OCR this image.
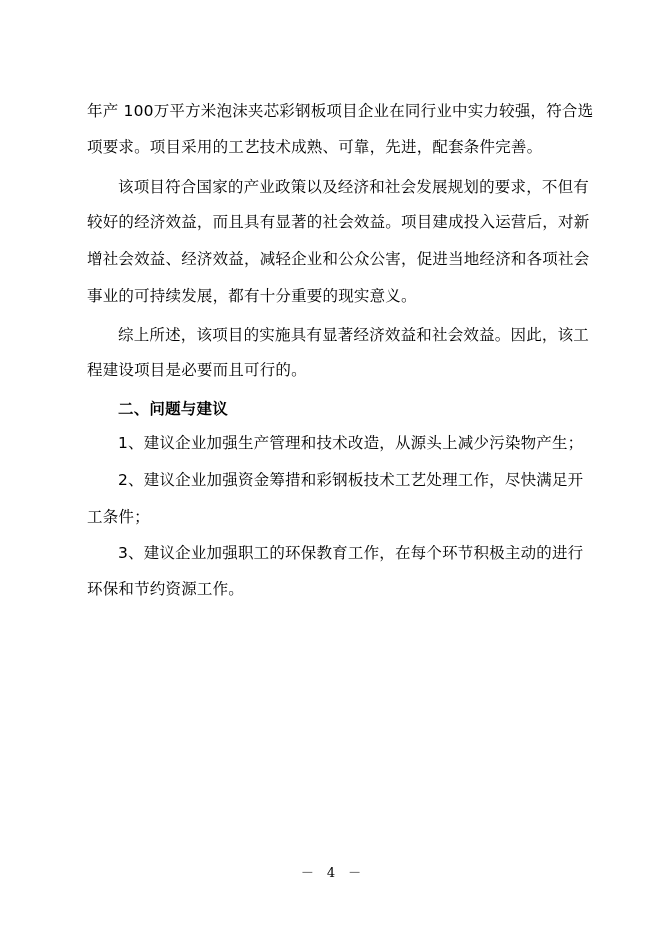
年产 100万平方米泡沫夹芯彩钢板项目企业在同行业中实力较强，符合选
项要求。项目采用的工艺技术成熟、可靠，先进，配套条件完善。
该项目符合国家的产业政策以及经济和社会发展规划的要求，不但有
较好的经济效益，而且具有显著的社会效益。项目建成投入运营后，对新
增社会效益、经济效益，减轻企业和公众公害，促进当地经济和各项社会
事业的可持续发展，都有十分重要的现实意义。
综上所述，该项目的实施具有显著经济效益和社会效益。因此，该工
程建设项目是必要而且可行的。
二、问题与建议
1、建议企业加强生产管理和技术改造，从源头上减少污染物产生；
2、建议企业加强资金筹措和彩钢板技术工艺处理工作，尽快满足开
工条件；
3、建议企业加强职工的环保教育工作，在每个环节积极主动的进行
环保和节约资源工作。
－　4　－
